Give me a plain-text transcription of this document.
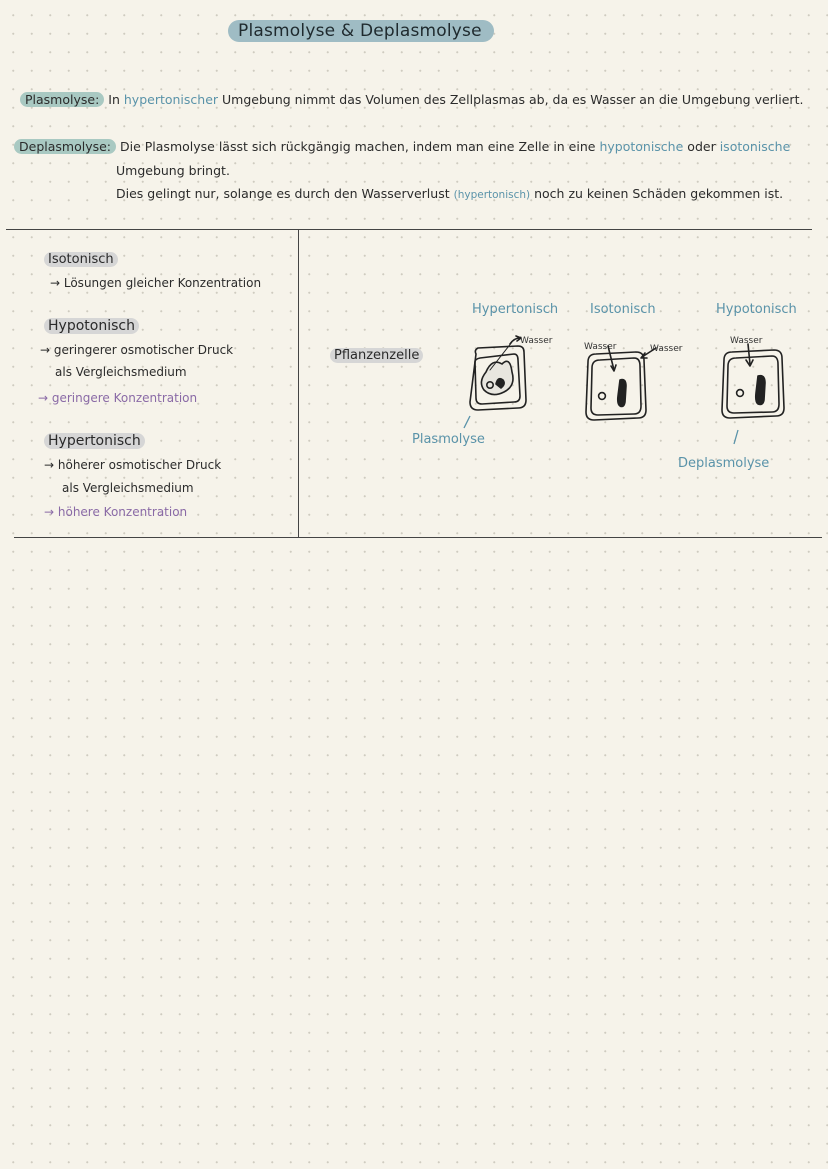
Plasmolyse & Deplasmolyse
Plasmolyse: In hypertonischer Umgebung nimmt das Volumen des Zellplasmas ab, da es Wasser an die Umgebung verliert.
Deplasmolyse: Die Plasmolyse lässt sich rückgängig machen, indem man eine Zelle in eine hypotonische oder isotonische
Umgebung bringt.
Dies gelingt nur, solange es durch den Wasserverlust (hypertonisch) noch zu keinen Schäden gekommen ist.
Isotonisch
→ Lösungen gleicher Konzentration
Hypotonisch
→ geringerer osmotischer Druck
als Vergleichsmedium
→ geringere Konzentration
Hypertonisch
→ höherer osmotischer Druck
als Vergleichsmedium
→ höhere Konzentration
Pflanzenzelle
Hypertonisch Isotonisch	Hypotonisch
Wasser
Wasser	Wasser
Wasser
Plasmolyse
Deplasmolyse
